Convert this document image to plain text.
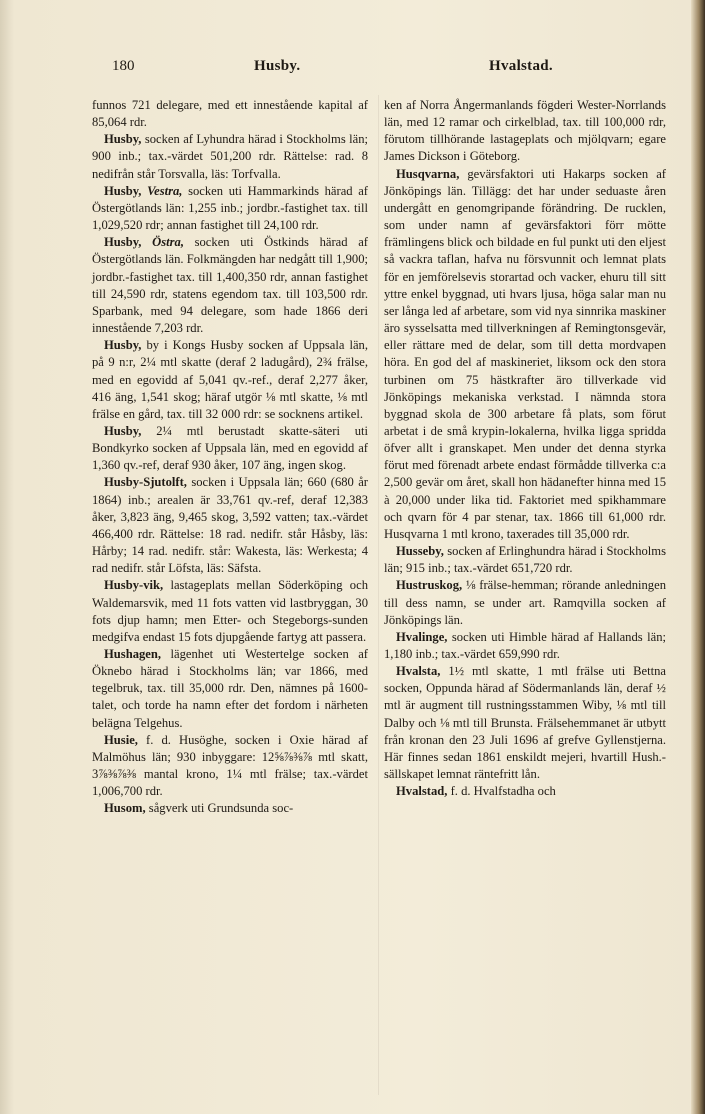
180	Husby.	Hvalstad.

funnos 721 delegare, med ett innestående kapital af 85,064 rdr.

Husby, socken af Lyhundra härad i Stockholms län; 900 inb.; tax.-värdet 501,200 rdr. Rättelse: rad. 8 nedifrån står Torsvalla, läs: Torfvalla.

Husby, Vestra, socken uti Hammarkinds härad af Östergötlands län: 1,255 inb.; jordbr.-fastighet tax. till 1,029,520 rdr; annan fastighet till 24,100 rdr.

Husby, Östra, socken uti Östkinds härad af Östergötlands län. Folkmängden har nedgått till 1,900; jordbr.-fastighet tax. till 1,400,350 rdr, annan fastighet till 24,590 rdr, statens egendom tax. till 103,500 rdr. Sparbank, med 94 delegare, som hade 1866 deri innestående 7,203 rdr.

Husby, by i Kongs Husby socken af Uppsala län, på 9 n:r, 2¼ mtl skatte (deraf 2 ladugård), 2¾ frälse, med en egovidd af 5,041 qv.-ref., deraf 2,277 åker, 416 äng, 1,541 skog; häraf utgör ⅛ mtl skatte, ⅛ mtl frälse en gård, tax. till 32 000 rdr: se socknens artikel.

Husby, 2¼ mtl berustadt skatte-säteri uti Bondkyrko socken af Uppsala län, med en egovidd af 1,360 qv.-ref, deraf 930 åker, 107 äng, ingen skog.

Husby-Sjutolft, socken i Uppsala län; 660 (680 år 1864) inb.; arealen är 33,761 qv.-ref, deraf 12,383 åker, 3,823 äng, 9,465 skog, 3,592 vatten; tax.-värdet 466,400 rdr. Rättelse: 18 rad. nedifr. står Håsby, läs: Hårby; 14 rad. nedifr. står: Wakesta, läs: Werkesta; 4 rad nedifr. står Löfsta, läs: Säfsta.

Husby-vik, lastageplats mellan Söderköping och Waldemarsvik, med 11 fots vatten vid lastbryggan, 30 fots djup hamn; men Etter- och Stegeborgs-sunden medgifva endast 15 fots djupgående fartyg att passera.

Hushagen, lägenhet uti Westertelge socken af Öknebo härad i Stockholms län; var 1866, med tegelbruk, tax. till 35,000 rdr. Den, nämnes på 1600-talet, och torde ha namn efter det fordom i närheten belägna Telgehus.

Husie, f. d. Husöghe, socken i Oxie härad af Malmöhus län; 930 inbyggare: 12⅝⅞⅜⅞ mtl skatt, 3⅞⅜⅞⅜ mantal krono, 1¼ mtl frälse; tax.-värdet 1,006,700 rdr.

Husom, sågverk uti Grundsunda soc-

ken af Norra Ångermanlands fögderi Wester-Norrlands län, med 12 ramar och cirkelblad, tax. till 100,000 rdr, förutom tillhörande lastageplats och mjölqvarn; egare James Dickson i Göteborg.

Husqvarna, gevärsfaktori uti Hakarps socken af Jönköpings län. Tillägg: det har under seduaste åren undergått en genomgripande förändring. De rucklen, som under namn af gevärsfaktori förr mötte främlingens blick och bildade en ful punkt uti den eljest så vackra taflan, hafva nu försvunnit och lemnat plats för en jemförelsevis storartad och vacker, ehuru till sitt yttre enkel byggnad, uti hvars ljusa, höga salar man nu ser långa led af arbetare, som vid nya sinnrika maskiner äro sysselsatta med tillverkningen af Remingtonsgevär, eller rättare med de delar, som till detta mordvapen höra. En god del af maskineriet, liksom ock den stora turbinen om 75 hästkrafter äro tillverkade vid Jönköpings mekaniska verkstad. I nämnda stora byggnad skola de 300 arbetare få plats, som förut arbetat i de små krypin-lokalerna, hvilka ligga spridda öfver allt i granskapet. Men under det denna styrka förut med förenadt arbete endast förmådde tillverka c:a 2,500 gevär om året, skall hon hädanefter hinna med 15 à 20,000 under lika tid. Faktoriet med spikhammare och qvarn för 4 par stenar, tax. 1866 till 61,000 rdr. Husqvarna 1 mtl krono, taxerades till 35,000 rdr.

Husseby, socken af Erlinghundra härad i Stockholms län; 915 inb.; tax.-värdet 651,720 rdr.

Hustruskog, ⅛ frälse-hemman; rörande anledningen till dess namn, se under art. Ramqvilla socken af Jönköpings län.

Hvalinge, socken uti Himble härad af Hallands län; 1,180 inb.; tax.-värdet 659,990 rdr.

Hvalsta, 1½ mtl skatte, 1 mtl frälse uti Bettna socken, Oppunda härad af Södermanlands län, deraf ½ mtl är augment till rustningsstammen Wiby, ⅛ mtl till Dalby och ⅛ mtl till Brunsta. Frälsehemmanet är utbytt från kronan den 23 Juli 1696 af grefve Gyllenstjerna. Här finnes sedan 1861 enskildt mejeri, hvartill Hush.-sällskapet lemnat räntefritt lån.

Hvalstad, f. d. Hvalfstadha och
